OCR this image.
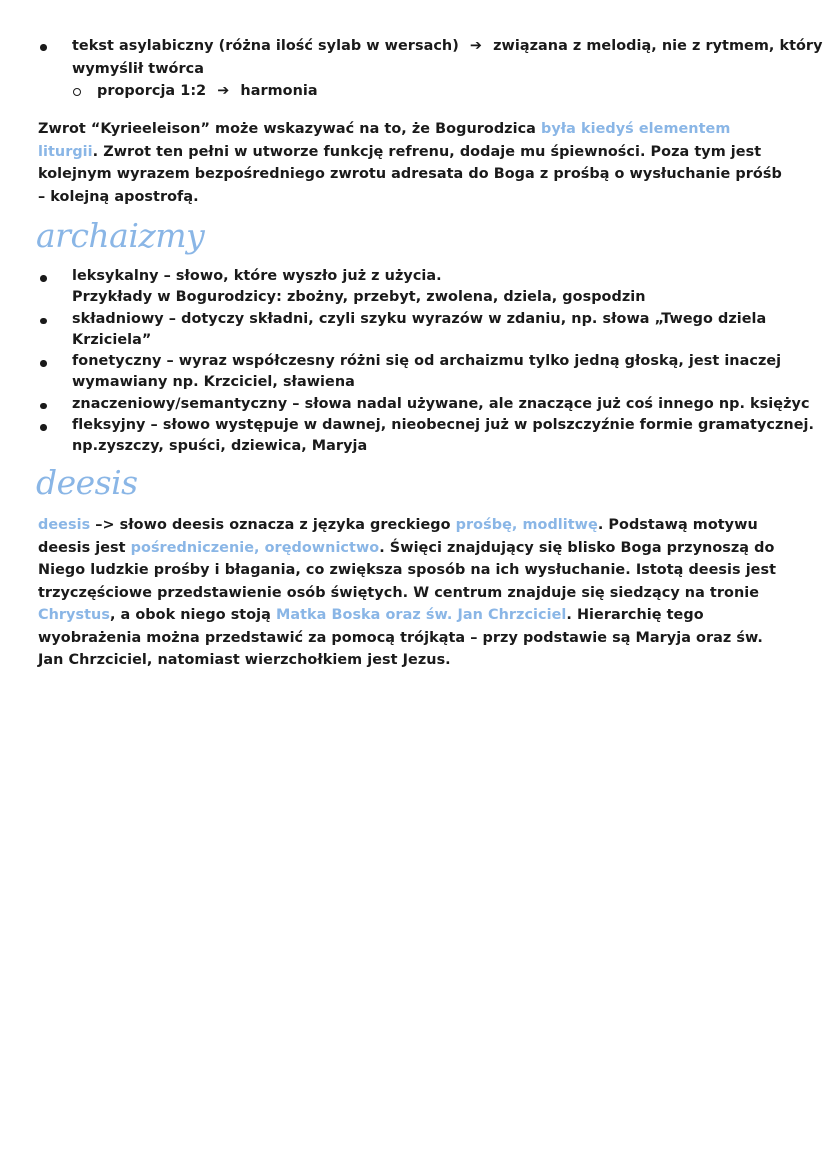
tekst asylabiczny (różna ilość sylab w wersach) ➔ związana z melodią, nie z rytmem, który
wymyślił twórca
proporcja 1:2 ➔ harmonia

Zwrot “Kyrieeleison” może wskazywać na to, że Bogurodzica była kiedyś elementem liturgii. Zwrot ten pełni w utworze funkcję refrenu, dodaje mu śpiewności. Poza tym jest kolejnym wyrazem bezpośredniego zwrotu adresata do Boga z prośbą o wysłuchanie próśb – kolejną apostrofą.

archaizmy
leksykalny – słowo, które wyszło już z użycia.
Przykłady w Bogurodzicy: zbożny, przebyt, zwolena, dziela, gospodzin
składniowy – dotyczy składni, czyli szyku wyrazów w zdaniu, np. słowa „Twego dziela
Krziciela”
fonetyczny – wyraz współczesny różni się od archaizmu tylko jedną głoską, jest inaczej
wymawiany np. Krzciciel, sławiena
znaczeniowy/semantyczny – słowa nadal używane, ale znaczące już coś innego np. księżyc
fleksyjny – słowo występuje w dawnej, nieobecnej już w polszczyźnie formie gramatycznej.
np.zyszczy, spuści, dziewica, Maryja
deesis

deesis –> słowo deesis oznacza z języka greckiego prośbę, modlitwę. Podstawą motywu deesis jest pośredniczenie, orędownictwo. Święci znajdujący się blisko Boga przynoszą do Niego ludzkie prośby i błagania, co zwiększa sposób na ich wysłuchanie. Istotą deesis jest trzyczęściowe przedstawienie osób świętych. W centrum znajduje się siedzący na tronie Chrystus, a obok niego stoją Matka Boska oraz św. Jan Chrzciciel. Hierarchię tego wyobrażenia można przedstawić za pomocą trójkąta – przy podstawie są Maryja oraz św. Jan Chrzciciel, natomiast wierzchołkiem jest Jezus.
